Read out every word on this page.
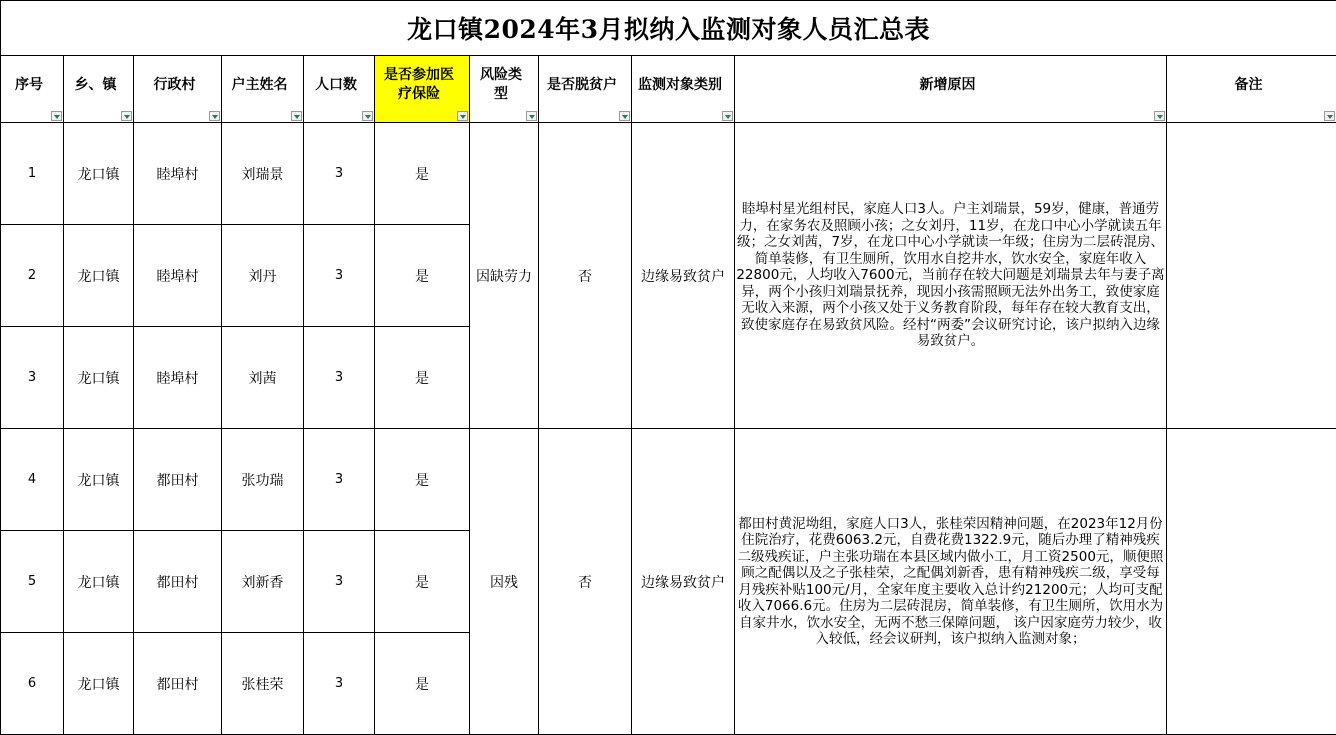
龙口镇2024年3月拟纳入监测对象人员汇总表										

序号	乡、镇	行政村	户主姓名	人口数	是否参加医疗保险	风险类型	是否脱贫户	监测对象类别	新增原因	备注

1	龙口镇	睦埠村	刘瑞景	3	是	因缺劳力	否	边缘易致贫户	睦埠村星光组村民，家庭人口3人。户主刘瑞景，59岁，健康，普通劳力，在家务农及照顾小孩；之女刘丹，11岁，在龙口中心小学就读五年级；之女刘茜，7岁，在龙口中心小学就读一年级；住房为二层砖混房、简单装修，有卫生厕所，饮用水自挖井水，饮水安全，家庭年收入22800元，人均收入7600元，当前存在较大问题是刘瑞景去年与妻子离异，两个小孩归刘瑞景抚养，现因小孩需照顾无法外出务工，致使家庭无收入来源，两个小孩又处于义务教育阶段，每年存在较大教育支出，致使家庭存在易致贫风险。经村“两委”会议研究讨论，该户拟纳入边缘易致贫户。	
2	龙口镇	睦埠村	刘丹	3	是					
3	龙口镇	睦埠村	刘茜	3	是					
4	龙口镇	都田村	张功瑞	3	是	因残	否	边缘易致贫户	都田村黄泥坳组，家庭人口3人，张桂荣因精神问题，在2023年12月份住院治疗，花费6063.2元，自费花费1322.9元，随后办理了精神残疾二级残疾证，户主张功瑞在本县区域内做小工，月工资2500元，顺便照顾之配偶以及之子张桂荣，之配偶刘新香，患有精神残疾二级，享受每月残疾补贴100元/月，全家年度主要收入总计约21200元；人均可支配收入7066.6元。住房为二层砖混房，简单装修，有卫生厕所，饮用水为自家井水，饮水安全，无两不愁三保障问题， 该户因家庭劳力较少，收入较低，经会议研判，该户拟纳入监测对象；	
5	龙口镇	都田村	刘新香	3	是					
6	龙口镇	都田村	张桂荣	3	是					
